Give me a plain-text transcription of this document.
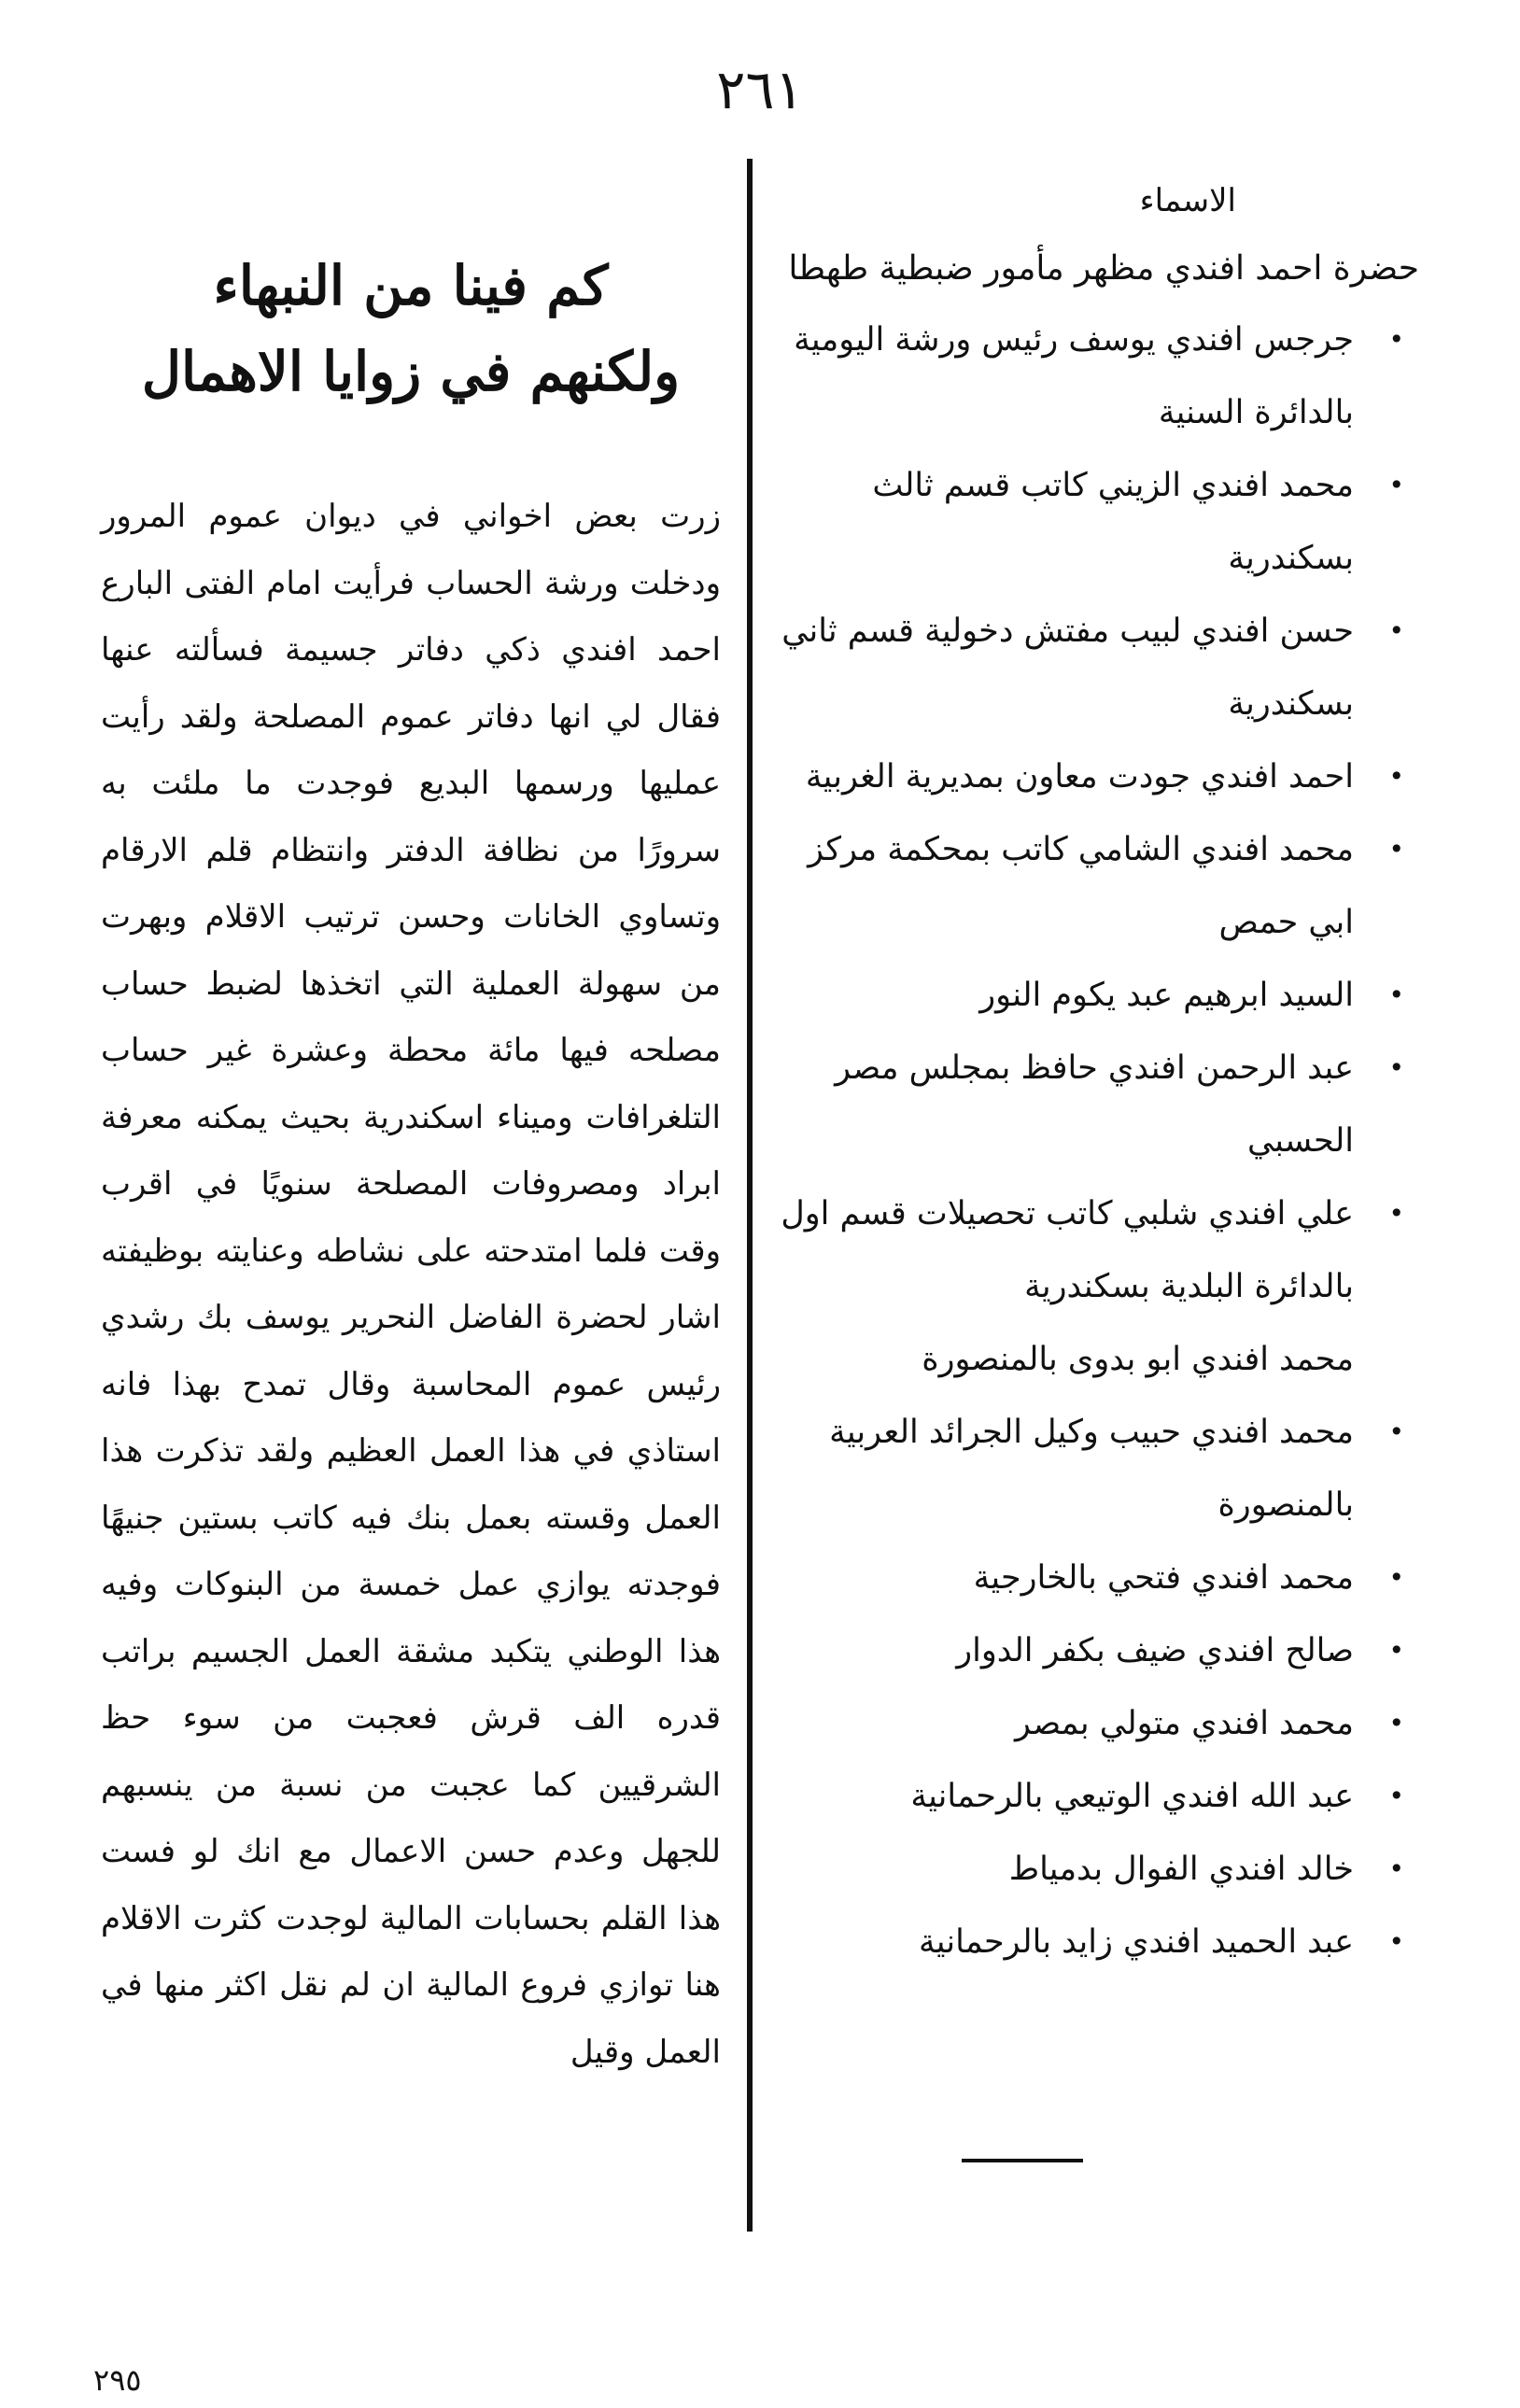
٢٦١
الاسماء
حضرة احمد افندي مظهر مأمور ضبطية طهطا
•
جرجس افندي يوسف رئيس ورشة اليومية بالدائرة السنية
•
محمد افندي الزيني كاتب قسم ثالث بسكندرية
•
حسن افندي لبيب مفتش دخولية قسم ثاني بسكندرية
•
احمد افندي جودت معاون بمديرية الغربية
•
محمد افندي الشامي كاتب بمحكمة مركز ابي حمص
•
السيد ابرهيم عبد يكوم النور
•
عبد الرحمن افندي حافظ بمجلس مصر الحسبي
•
علي افندي شلبي كاتب تحصيلات قسم اول بالدائرة البلدية بسكندرية
محمد افندي ابو بدوى بالمنصورة
•
محمد افندي حبيب وكيل الجرائد العربية بالمنصورة
•
محمد افندي فتحي بالخارجية
•
صالح افندي ضيف بكفر الدوار
•
محمد افندي متولي بمصر
•
عبد الله افندي الوتيعي بالرحمانية
•
خالد افندي الفوال بدمياط
•
عبد الحميد افندي زايد بالرحمانية
كم فينا من النبهاء
ولكنهم في زوايا الاهمال

زرت بعض اخواني في ديوان عموم المرور ودخلت ورشة الحساب فرأيت امام الفتى البارع احمد افندي ذكي دفاتر جسيمة فسألته عنها فقال لي انها دفاتر عموم المصلحة ولقد رأيت عمليها ورسمها البديع فوجدت ما ملئت به سرورًا من نظافة الدفتر وانتظام قلم الارقام وتساوي الخانات وحسن ترتيب الاقلام وبهرت من سهولة العملية التي اتخذها لضبط حساب مصلحه فيها مائة محطة وعشرة غير حساب التلغرافات وميناء اسكندرية بحيث يمكنه معرفة ابراد ومصروفات المصلحة سنويًا في اقرب وقت فلما امتدحته على نشاطه وعنايته بوظيفته اشار لحضرة الفاضل النحرير يوسف بك رشدي رئيس عموم المحاسبة وقال تمدح بهذا فانه استاذي في هذا العمل العظيم ولقد تذكرت هذا العمل وقسته بعمل بنك فيه كاتب بستين جنيهًا فوجدته يوازي عمل خمسة من البنوكات وفيه هذا الوطني يتكبد مشقة العمل الجسيم براتب قدره الف قرش فعجبت من سوء حظ الشرقيين كما عجبت من نسبة من ينسبهم للجهل وعدم حسن الاعمال مع انك لو فست هذا القلم بحسابات المالية لوجدت كثرت الاقلام هنا توازي فروع المالية ان لم نقل اكثر منها في العمل وقيل

٢٩٥
